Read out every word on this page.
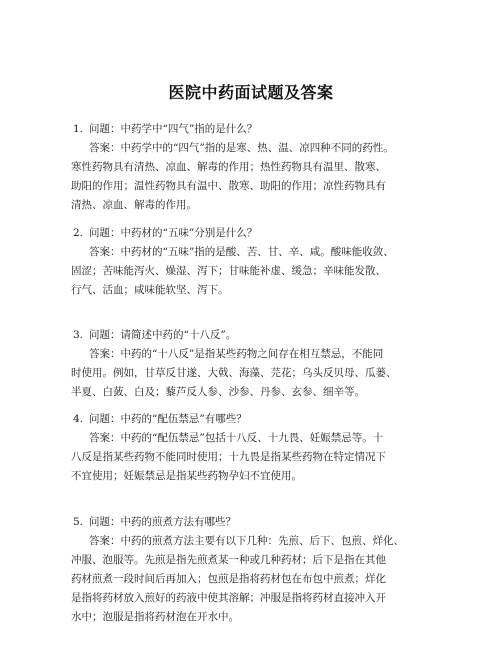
医院中药面试题及答案

1. 问题：中药学中“四气”指的是什么？

答案：中药学中的“四气”指的是寒、热、温、凉四种不同的药性。
寒性药物具有清热、凉血、解毒的作用；热性药物具有温里、散寒、
助阳的作用；温性药物具有温中、散寒、助阳的作用；凉性药物具有
清热、凉血、解毒的作用。

2. 问题：中药材的“五味”分别是什么？

答案：中药材的“五味”指的是酸、苦、甘、辛、咸。酸味能收敛、
固涩；苦味能泻火、燥湿、泻下；甘味能补虚、缓急；辛味能发散、
行气、活血；咸味能软坚、泻下。

3. 问题：请简述中药的“十八反”。

答案：中药的“十八反”是指某些药物之间存在相互禁忌，不能同
时使用。例如，甘草反甘遂、大戟、海藻、芫花；乌头反贝母、瓜蒌、
半夏、白蔹、白及；藜芦反人参、沙参、丹参、玄参、细辛等。

4. 问题：中药的“配伍禁忌”有哪些？

答案：中药的“配伍禁忌”包括十八反、十九畏、妊娠禁忌等。十
八反是指某些药物不能同时使用；十九畏是指某些药物在特定情况下
不宜使用；妊娠禁忌是指某些药物孕妇不宜使用。

5. 问题：中药的煎煮方法有哪些？

答案：中药的煎煮方法主要有以下几种：先煎、后下、包煎、烊化、
冲服、泡服等。先煎是指先煎煮某一种或几种药材；后下是指在其他
药材煎煮一段时间后再加入；包煎是指将药材包在布包中煎煮；烊化
是指将药材放入煎好的药液中使其溶解；冲服是指将药材直接冲入开
水中；泡服是指将药材泡在开水中。
